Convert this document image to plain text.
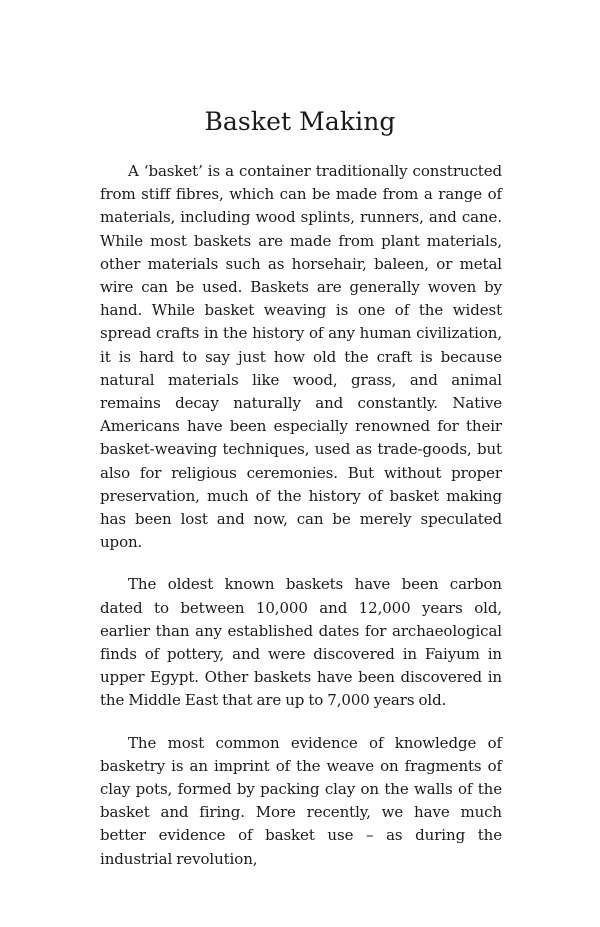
Basket Making

A ‘basket’ is a container traditionally constructed from stiff fibres, which can be made from a range of materials, including wood splints, runners, and cane. While most baskets are made from plant materials, other materials such as horsehair, baleen, or metal wire can be used. Baskets are generally woven by hand. While basket weaving is one of the widest spread crafts in the history of any human civilization, it is hard to say just how old the craft is because natural materials like wood, grass, and animal remains decay naturally and constantly. Native Americans have been especially renowned for their basket-weaving techniques, used as trade-goods, but also for religious ceremonies. But without proper preservation, much of the history of basket making has been lost and now, can be merely speculated upon.

The oldest known baskets have been carbon dated to between 10,000 and 12,000 years old, earlier than any established dates for archaeological finds of pottery, and were discovered in Faiyum in upper Egypt. Other baskets have been discovered in the Middle East that are up to 7,000 years old.

The most common evidence of knowledge of basketry is an imprint of the weave on fragments of clay pots, formed by packing clay on the walls of the basket and firing. More recently, we have much better evidence of basket use – as during the industrial revolution,
